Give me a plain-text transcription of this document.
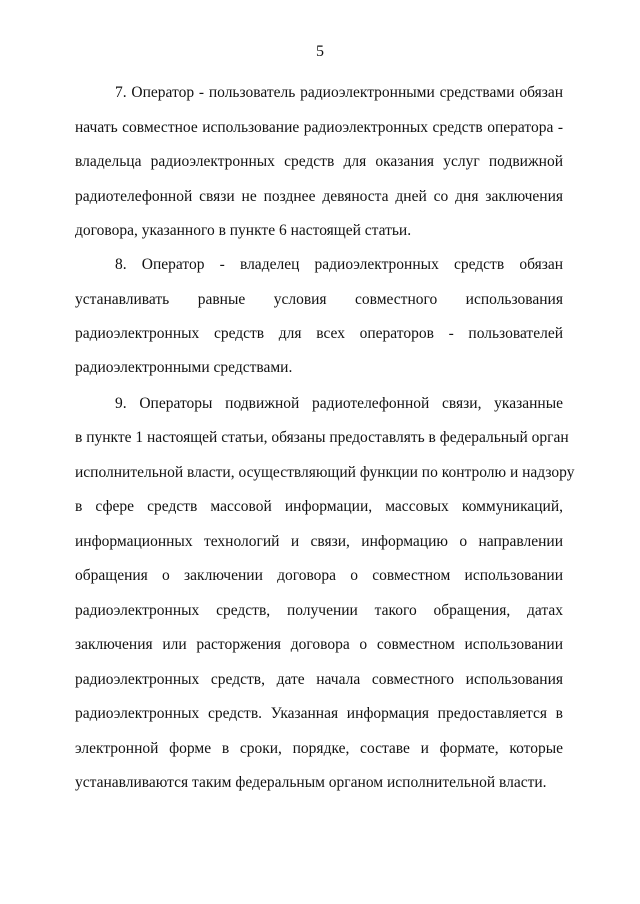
5
7. Оператор - пользователь радиоэлектронными средствами обязан
начать совместное использование радиоэлектронных средств оператора -
владельца радиоэлектронных средств для оказания услуг подвижной
радиотелефонной связи не позднее девяноста дней со дня заключения
договора, указанного в пункте 6 настоящей статьи.
8. Оператор - владелец радиоэлектронных средств обязан
устанавливать равные условия совместного использования
радиоэлектронных средств для всех операторов - пользователей
радиоэлектронными средствами.
9. Операторы подвижной радиотелефонной связи, указанные
в пункте 1 настоящей статьи, обязаны предоставлять в федеральный орган
исполнительной власти, осуществляющий функции по контролю и надзору
в сфере средств массовой информации, массовых коммуникаций,
информационных технологий и связи, информацию о направлении
обращения о заключении договора о совместном использовании
радиоэлектронных средств, получении такого обращения, датах
заключения или расторжения договора о совместном использовании
радиоэлектронных средств, дате начала совместного использования
радиоэлектронных средств. Указанная информация предоставляется в
электронной форме в сроки, порядке, составе и формате, которые
устанавливаются таким федеральным органом исполнительной власти.
